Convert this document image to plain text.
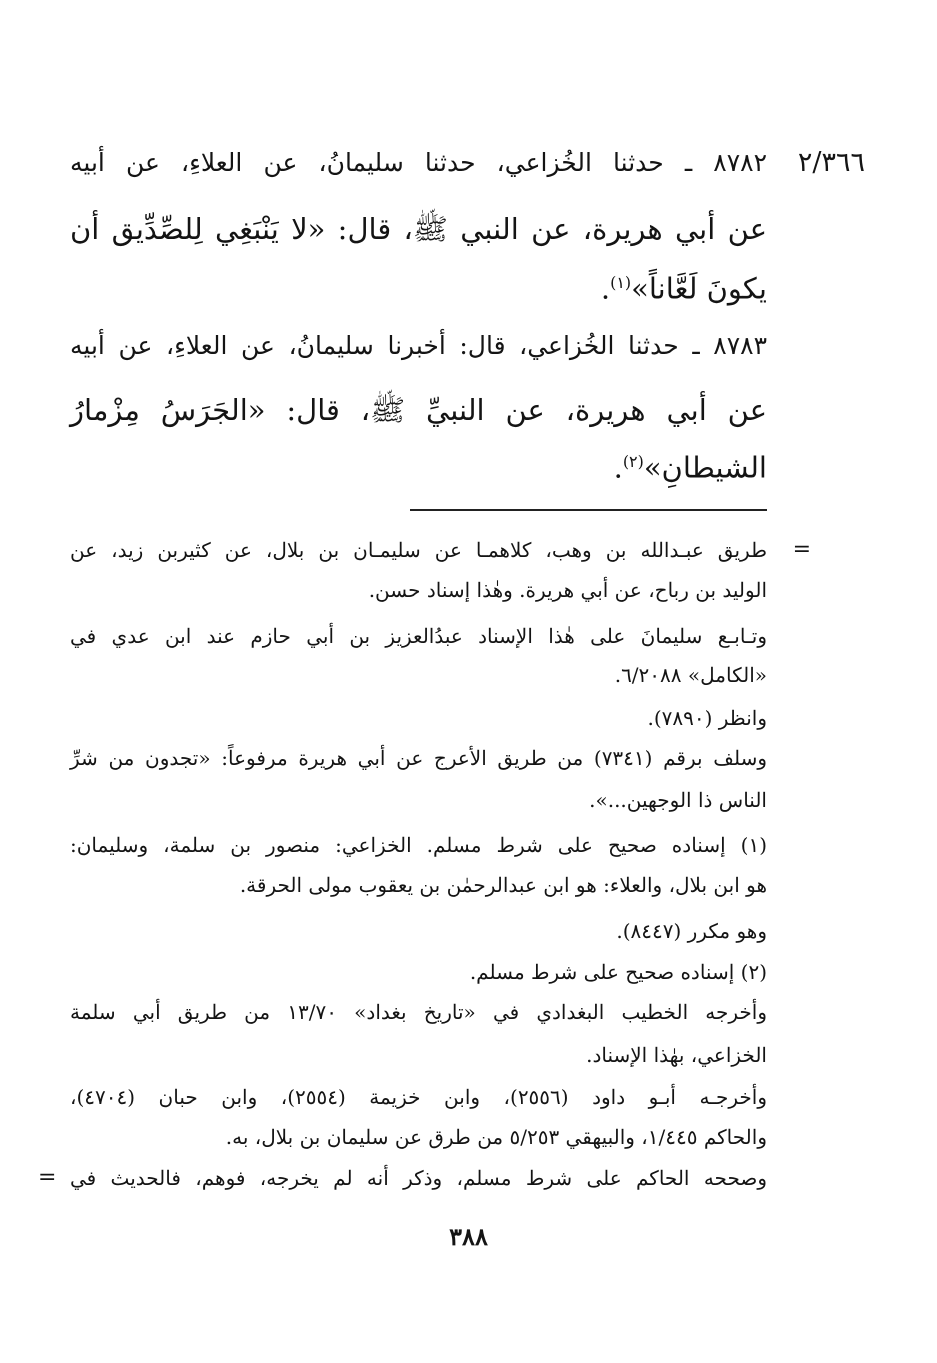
٢/٣٦٦
٨٧٨٢ ـ حدثنا الخُزاعي، حدثنا سليمانُ، عن العلاءِ، عن أبيه
عن أبي هريرة، عن النبي ﷺ، قال: «لا يَنْبَغِي لِلصِّدِّيق أن
يكونَ لَعَّاناً»$^{(١)}$.
٨٧٨٣ ـ حدثنا الخُزاعي، قال: أخبرنا سليمانُ، عن العلاءِ، عن أبيه
عن أبي هريرة، عن النبيِّ ﷺ، قال: «الجَرَسُ مِزْمارُ
الشيطانِ»$^{(٢)}$.
=
طريق عبـدالله بن وهب، كلاهمـا عن سليمـان بن بلال، عن كثيربن زيد، عن
الوليد بن رباح، عن أبي هريرة. وهٰذا إسناد حسن.
وتـابـع سليمانَ على هٰذا الإسناد عبدُالعزيز بن أبي حازم عند ابن عدي في
«الكامل» ٦/٢٠٨٨.
وانظر (٧٨٩٠).
وسلف برقم (٧٣٤١) من طريق الأعرج عن أبي هريرة مرفوعاً: «تجدون من شرِّ
الناس ذا الوجهين...».
(١) إسناده صحيح على شرط مسلم. الخزاعي: منصور بن سلمة، وسليمان:
هو ابن بلال، والعلاء: هو ابن عبدالرحمٰن بن يعقوب مولى الحرقة.
وهو مكرر (٨٤٤٧).
(٢) إسناده صحيح على شرط مسلم.
وأخرجه الخطيب البغدادي في «تاريخ بغداد» ١٣/٧٠ من طريق أبي سلمة
الخزاعي، بهٰذا الإسناد.
وأخرجـه أبـو داود (٢٥٥٦)، وابن خزيمة (٢٥٥٤)، وابن حبان (٤٧٠٤)،
والحاكم ١/٤٤٥، والبيهقي ٥/٢٥٣ من طرق عن سليمان بن بلال، به.
وصححه الحاكم على شرط مسلم، وذكر أنه لم يخرجه، فوهم، فالحديث في
=
٣٨٨
